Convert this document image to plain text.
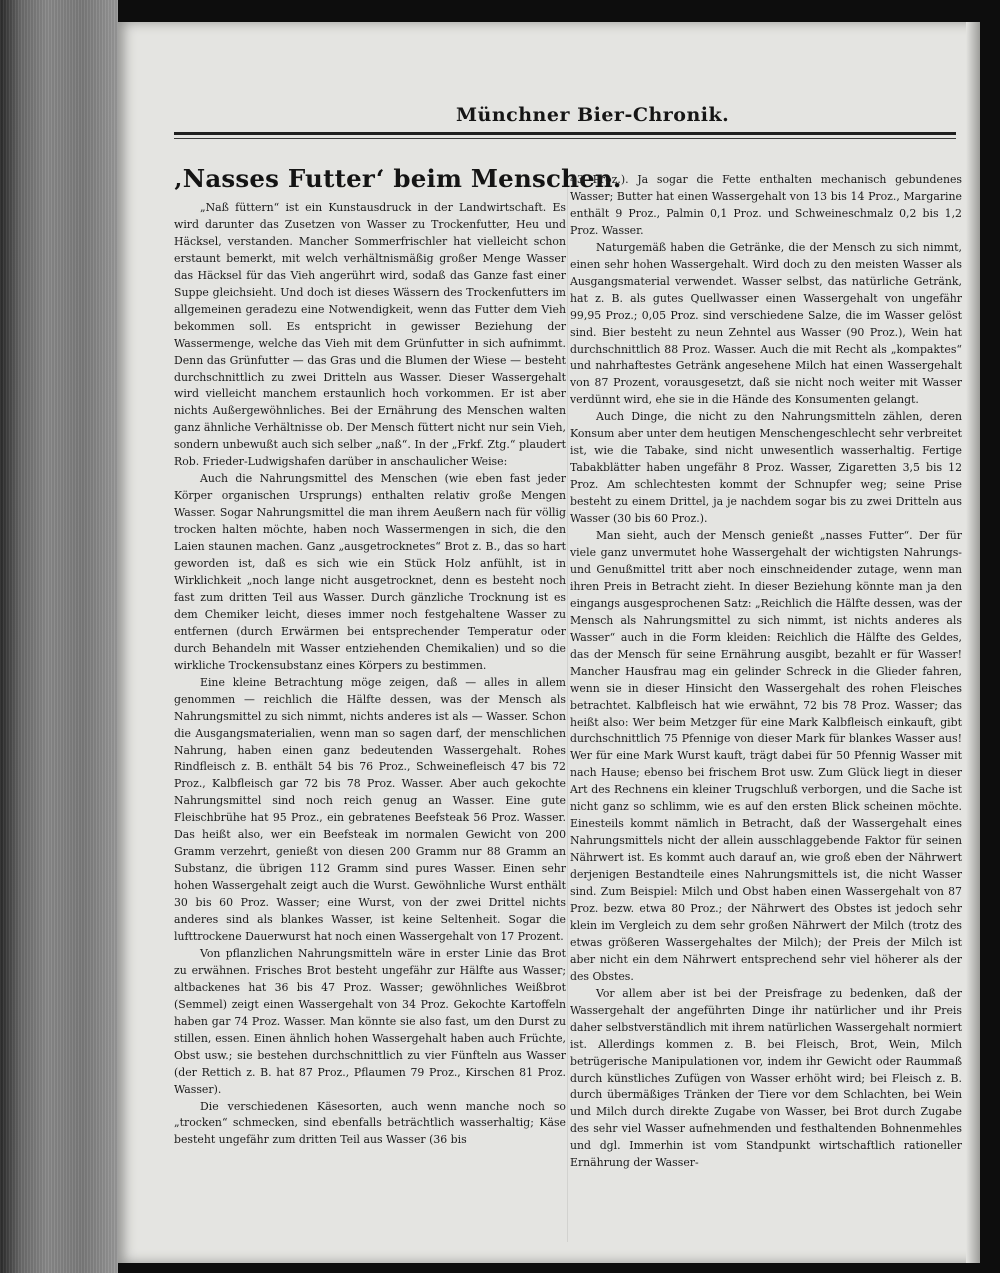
Münchner Bier-Chronik.
‚Nasses Futter‘ beim Menschen.

„Naß füttern“ ist ein Kunstausdruck in der Landwirtschaft. Es wird darunter das Zusetzen von Wasser zu Trockenfutter, Heu und Häcksel, verstanden. Mancher Sommerfrischler hat vielleicht schon erstaunt bemerkt, mit welch verhältnismäßig großer Menge Wasser das Häcksel für das Vieh angerührt wird, sodaß das Ganze fast einer Suppe gleichsieht. Und doch ist dieses Wässern des Trockenfutters im allgemeinen geradezu eine Notwendigkeit, wenn das Futter dem Vieh bekommen soll. Es entspricht in gewisser Beziehung der Wassermenge, welche das Vieh mit dem Grünfutter in sich aufnimmt. Denn das Grünfutter — das Gras und die Blumen der Wiese — besteht durchschnittlich zu zwei Dritteln aus Wasser. Dieser Wassergehalt wird vielleicht manchem erstaunlich hoch vorkommen. Er ist aber nichts Außergewöhnliches. Bei der Ernährung des Menschen walten ganz ähnliche Verhältnisse ob. Der Mensch füttert nicht nur sein Vieh, sondern unbewußt auch sich selber „naß“. In der „Frkf. Ztg.“ plaudert Rob. Frieder-Ludwigshafen darüber in anschaulicher Weise:

Auch die Nahrungsmittel des Menschen (wie eben fast jeder Körper organischen Ursprungs) enthalten relativ große Mengen Wasser. Sogar Nahrungsmittel die man ihrem Aeußern nach für völlig trocken halten möchte, haben noch Wassermengen in sich, die den Laien staunen machen. Ganz „ausgetrocknetes“ Brot z. B., das so hart geworden ist, daß es sich wie ein Stück Holz anfühlt, ist in Wirklichkeit „noch lange nicht ausgetrocknet, denn es besteht noch fast zum dritten Teil aus Wasser. Durch gänzliche Trocknung ist es dem Chemiker leicht, dieses immer noch festgehaltene Wasser zu entfernen (durch Erwärmen bei entsprechender Temperatur oder durch Behandeln mit Wasser entziehenden Chemikalien) und so die wirkliche Trockensubstanz eines Körpers zu bestimmen.

Eine kleine Betrachtung möge zeigen, daß — alles in allem genommen — reichlich die Hälfte dessen, was der Mensch als Nahrungsmittel zu sich nimmt, nichts anderes ist als — Wasser. Schon die Ausgangsmaterialien, wenn man so sagen darf, der menschlichen Nahrung, haben einen ganz bedeutenden Wassergehalt. Rohes Rindfleisch z. B. enthält 54 bis 76 Proz., Schweinefleisch 47 bis 72 Proz., Kalbfleisch gar 72 bis 78 Proz. Wasser. Aber auch gekochte Nahrungsmittel sind noch reich genug an Wasser. Eine gute Fleischbrühe hat 95 Proz., ein gebratenes Beefsteak 56 Proz. Wasser. Das heißt also, wer ein Beefsteak im normalen Gewicht von 200 Gramm verzehrt, genießt von diesen 200 Gramm nur 88 Gramm an Substanz, die übrigen 112 Gramm sind pures Wasser. Einen sehr hohen Wassergehalt zeigt auch die Wurst. Gewöhnliche Wurst enthält 30 bis 60 Proz. Wasser; eine Wurst, von der zwei Drittel nichts anderes sind als blankes Wasser, ist keine Seltenheit. Sogar die lufttrockene Dauerwurst hat noch einen Wassergehalt von 17 Prozent.

Von pflanzlichen Nahrungsmitteln wäre in erster Linie das Brot zu erwähnen. Frisches Brot besteht ungefähr zur Hälfte aus Wasser; altbackenes hat 36 bis 47 Proz. Wasser; gewöhnliches Weißbrot (Semmel) zeigt einen Wassergehalt von 34 Proz. Gekochte Kartoffeln haben gar 74 Proz. Wasser. Man könnte sie also fast, um den Durst zu stillen, essen. Einen ähnlich hohen Wassergehalt haben auch Früchte, Obst usw.; sie bestehen durchschnittlich zu vier Fünfteln aus Wasser (der Rettich z. B. hat 87 Proz., Pflaumen 79 Proz., Kirschen 81 Proz. Wasser).

Die verschiedenen Käsesorten, auch wenn manche noch so „trocken“ schmecken, sind ebenfalls beträchtlich wasserhaltig; Käse besteht ungefähr zum dritten Teil aus Wasser (36 bis

43 Proz.). Ja sogar die Fette enthalten mechanisch gebundenes Wasser; Butter hat einen Wassergehalt von 13 bis 14 Proz., Margarine enthält 9 Proz., Palmin 0,1 Proz. und Schweineschmalz 0,2 bis 1,2 Proz. Wasser.

Naturgemäß haben die Getränke, die der Mensch zu sich nimmt, einen sehr hohen Wassergehalt. Wird doch zu den meisten Wasser als Ausgangsmaterial verwendet. Wasser selbst, das natürliche Getränk, hat z. B. als gutes Quellwasser einen Wassergehalt von ungefähr 99,95 Proz.; 0,05 Proz. sind verschiedene Salze, die im Wasser gelöst sind. Bier besteht zu neun Zehntel aus Wasser (90 Proz.), Wein hat durchschnittlich 88 Proz. Wasser. Auch die mit Recht als „kompaktes“ und nahrhaftestes Getränk angesehene Milch hat einen Wassergehalt von 87 Prozent, vorausgesetzt, daß sie nicht noch weiter mit Wasser verdünnt wird, ehe sie in die Hände des Konsumenten gelangt.

Auch Dinge, die nicht zu den Nahrungsmitteln zählen, deren Konsum aber unter dem heutigen Menschengeschlecht sehr verbreitet ist, wie die Tabake, sind nicht unwesentlich wasserhaltig. Fertige Tabakblätter haben ungefähr 8 Proz. Wasser, Zigaretten 3,5 bis 12 Proz. Am schlechtesten kommt der Schnupfer weg; seine Prise besteht zu einem Drittel, ja je nachdem sogar bis zu zwei Dritteln aus Wasser (30 bis 60 Proz.).

Man sieht, auch der Mensch genießt „nasses Futter“. Der für viele ganz unvermutet hohe Wassergehalt der wichtigsten Nahrungs- und Genußmittel tritt aber noch einschneidender zutage, wenn man ihren Preis in Betracht zieht. In dieser Beziehung könnte man ja den eingangs ausgesprochenen Satz: „Reichlich die Hälfte dessen, was der Mensch als Nahrungsmittel zu sich nimmt, ist nichts anderes als Wasser“ auch in die Form kleiden: Reichlich die Hälfte des Geldes, das der Mensch für seine Ernährung ausgibt, bezahlt er für Wasser! Mancher Hausfrau mag ein gelinder Schreck in die Glieder fahren, wenn sie in dieser Hinsicht den Wassergehalt des rohen Fleisches betrachtet. Kalbfleisch hat wie erwähnt, 72 bis 78 Proz. Wasser; das heißt also: Wer beim Metzger für eine Mark Kalbfleisch einkauft, gibt durchschnittlich 75 Pfennige von dieser Mark für blankes Wasser aus! Wer für eine Mark Wurst kauft, trägt dabei für 50 Pfennig Wasser mit nach Hause; ebenso bei frischem Brot usw. Zum Glück liegt in dieser Art des Rechnens ein kleiner Trugschluß verborgen, und die Sache ist nicht ganz so schlimm, wie es auf den ersten Blick scheinen möchte. Einesteils kommt nämlich in Betracht, daß der Wassergehalt eines Nahrungsmittels nicht der allein ausschlaggebende Faktor für seinen Nährwert ist. Es kommt auch darauf an, wie groß eben der Nährwert derjenigen Bestandteile eines Nahrungsmittels ist, die nicht Wasser sind. Zum Beispiel: Milch und Obst haben einen Wassergehalt von 87 Proz. bezw. etwa 80 Proz.; der Nährwert des Obstes ist jedoch sehr klein im Vergleich zu dem sehr großen Nährwert der Milch (trotz des etwas größeren Wassergehaltes der Milch); der Preis der Milch ist aber nicht ein dem Nährwert entsprechend sehr viel höherer als der des Obstes.

Vor allem aber ist bei der Preisfrage zu bedenken, daß der Wassergehalt der angeführten Dinge ihr natürlicher und ihr Preis daher selbstverständlich mit ihrem natürlichen Wassergehalt normiert ist. Allerdings kommen z. B. bei Fleisch, Brot, Wein, Milch betrügerische Manipulationen vor, indem ihr Gewicht oder Raummaß durch künstliches Zufügen von Wasser erhöht wird; bei Fleisch z. B. durch übermäßiges Tränken der Tiere vor dem Schlachten, bei Wein und Milch durch direkte Zugabe von Wasser, bei Brot durch Zugabe des sehr viel Wasser aufnehmenden und festhaltenden Bohnenmehles und dgl. Immerhin ist vom Standpunkt wirtschaftlich rationeller Ernährung der Wasser-
